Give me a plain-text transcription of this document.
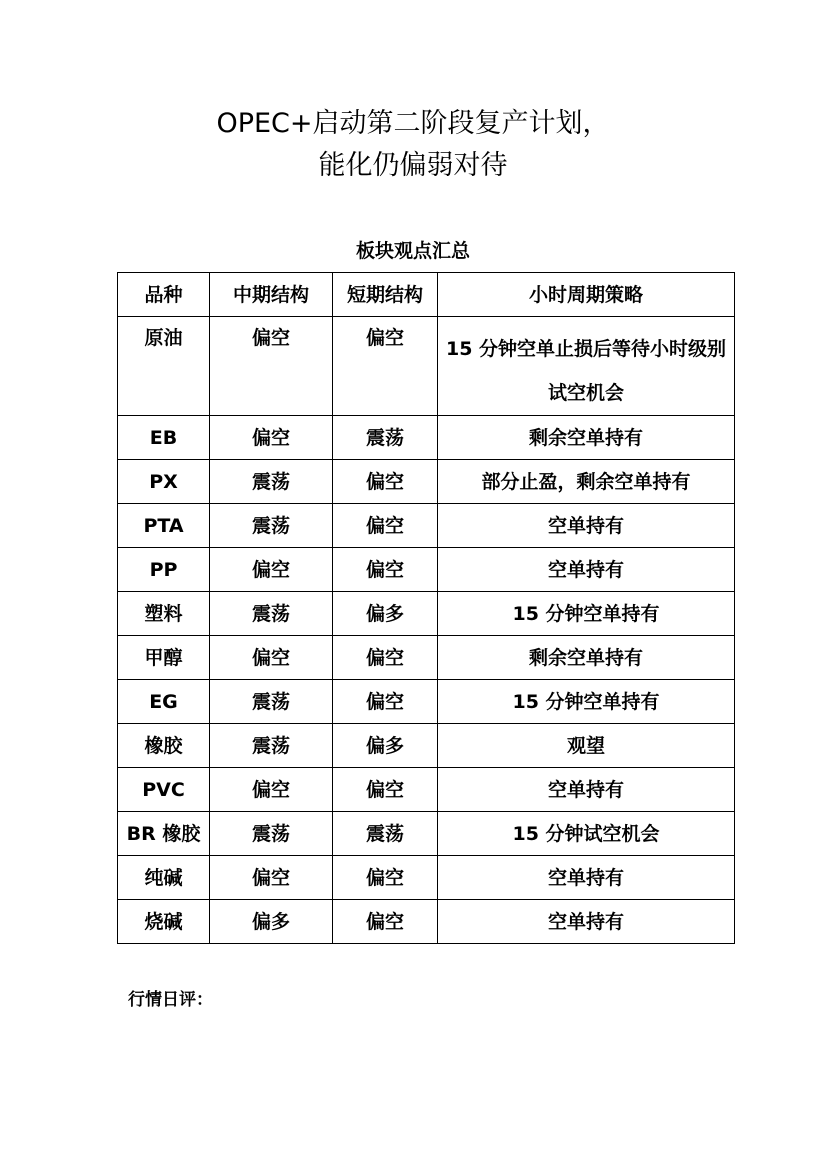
OPEC+启动第二阶段复产计划，
能化仍偏弱对待
板块观点汇总
品种	中期结构	短期结构	小时周期策略
原油	偏空	偏空	15 分钟空单止损后等待小时级别试空机会
EB	偏空	震荡	剩余空单持有
PX	震荡	偏空	部分止盈，剩余空单持有
PTA	震荡	偏空	空单持有
PP	偏空	偏空	空单持有
塑料	震荡	偏多	15 分钟空单持有
甲醇	偏空	偏空	剩余空单持有
EG	震荡	偏空	15 分钟空单持有
橡胶	震荡	偏多	观望
PVC	偏空	偏空	空单持有
BR 橡胶	震荡	震荡	15 分钟试空机会
纯碱	偏空	偏空	空单持有
烧碱	偏多	偏空	空单持有
行情日评：
